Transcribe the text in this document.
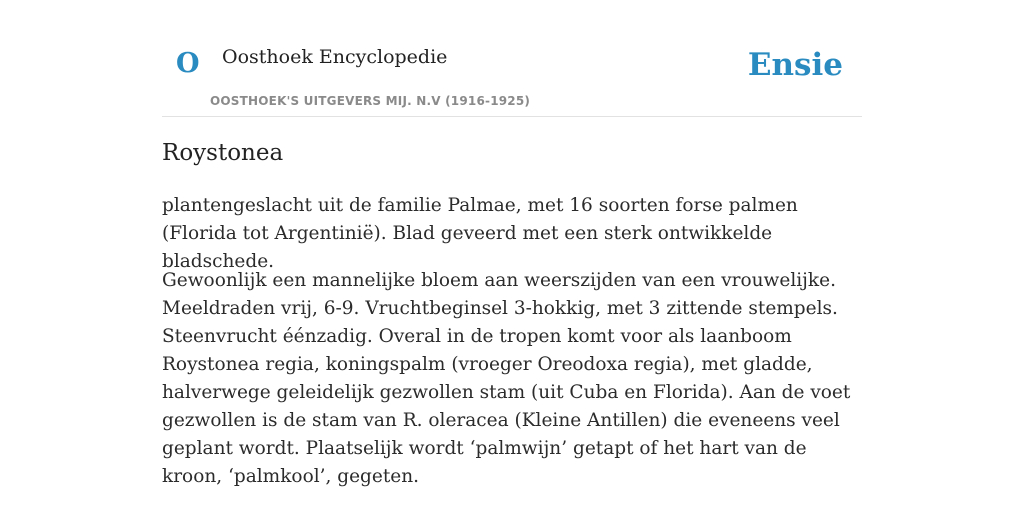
O Oosthoek Encyclopedie
OOSTHOEK'S UITGEVERS MIJ. N.V (1916-1925)
Ensie
Roystonea

plantengeslacht uit de familie Palmae, met 16 soorten forse palmen (Florida tot Argentinië). Blad geveerd met een sterk ontwikkelde bladschede.

Gewoonlijk een mannelijke bloem aan weerszijden van een vrouwelijke. Meeldraden vrij, 6-9. Vruchtbeginsel 3-hokkig, met 3 zittende stempels. Steenvrucht éénzadig. Overal in de tropen komt voor als laanboom Roystonea regia, koningspalm (vroeger Oreodoxa regia), met gladde, halverwege geleidelijk gezwollen stam (uit Cuba en Florida). Aan de voet gezwollen is de stam van R. oleracea (Kleine Antillen) die eveneens veel geplant wordt. Plaatselijk wordt ‘palmwijn’ getapt of het hart van de kroon, ‘palmkool’, gegeten.
